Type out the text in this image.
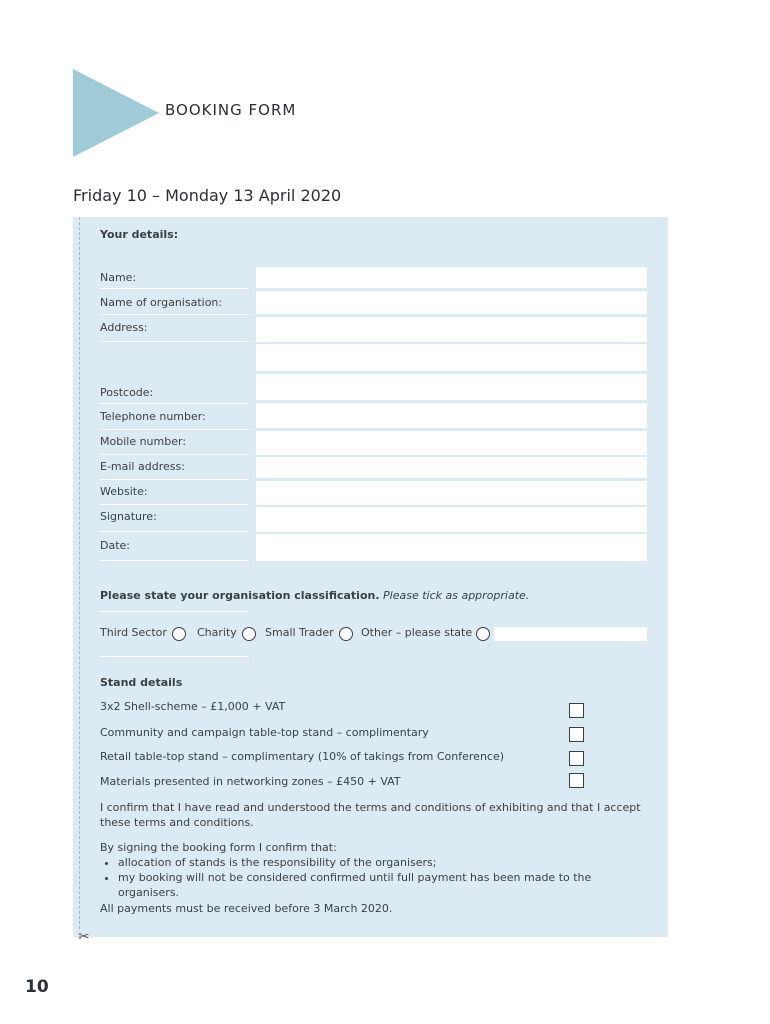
BOOKING FORM
Friday 10 – Monday 13 April 2020
✂
Your details:
Name:
Name of organisation:
Address:
Postcode:
Telephone number:
Mobile number:
E-mail address:
Website:
Signature:
Date:
Please state your organisation classification. Please tick as appropriate.
Third Sector	Charity	Small Trader Other – please state
Stand details
3x2 Shell-scheme – £1,000 + VAT
Community and campaign table-top stand – complimentary
Retail table-top stand – complimentary (10% of takings from Conference)
Materials presented in networking zones – £450 + VAT
I confirm that I have read and understood the terms and conditions of exhibiting and that I accept these terms and conditions.
By signing the booking form I confirm that:
• allocation of stands is the responsibility of the organisers;
• my booking will not be considered confirmed until full payment has been made to the organisers.
All payments must be received before 3 March 2020.
10
